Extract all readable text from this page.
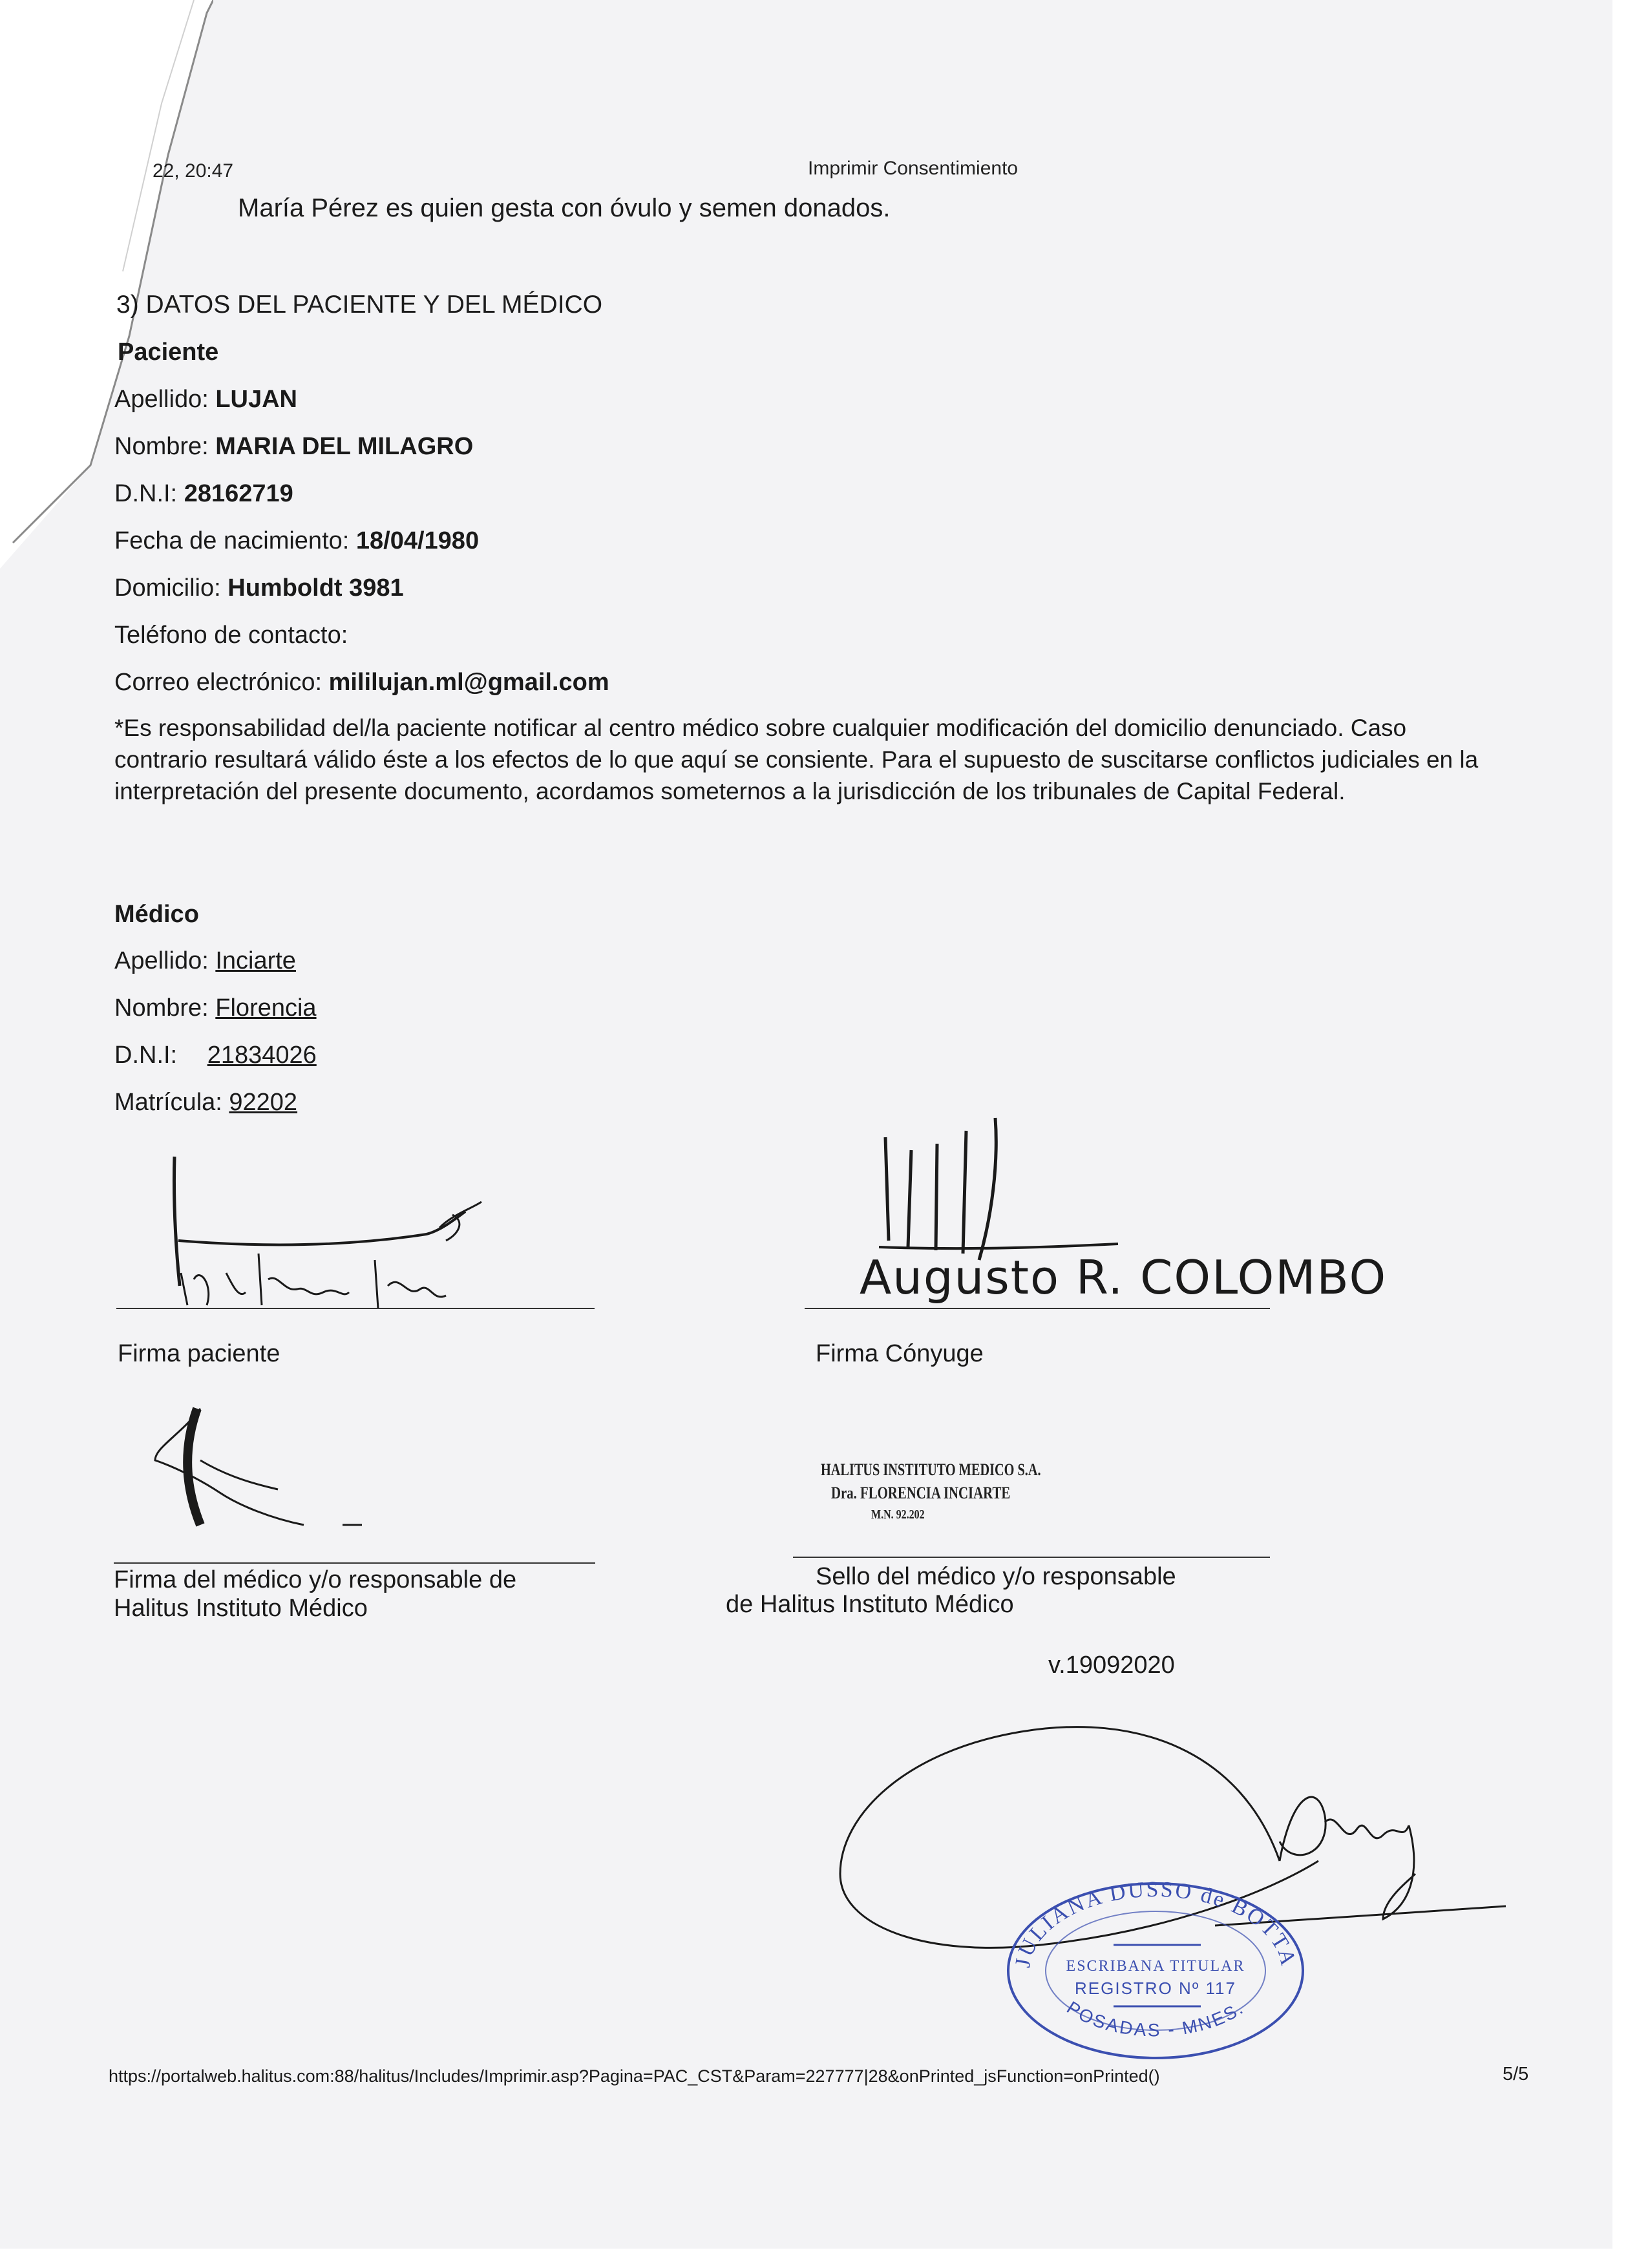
22, 20:47	Imprimir Consentimiento
María Pérez es quien gesta con óvulo y semen donados.
3) DATOS DEL PACIENTE Y DEL MÉDICO
Paciente
Apellido: LUJAN
Nombre: MARIA DEL MILAGRO
D.N.I: 28162719
Fecha de nacimiento: 18/04/1980
Domicilio: Humboldt 3981
Teléfono de contacto:
Correo electrónico: mililujan.ml@gmail.com
*Es responsabilidad del/la paciente notificar al centro médico sobre cualquier modificación del domicilio denunciado. Caso contrario resultará válido éste a los efectos de lo que aquí se consiente. Para el supuesto de suscitarse conflictos judiciales en la interpretación del presente documento, acordamos someternos a la jurisdicción de los tribunales de Capital Federal.
Médico
Apellido: Inciarte
Nombre: Florencia
D.N.I: 21834026
Matrícula: 92202
Firma paciente
Augusto R. COLOMBO
Firma Cónyuge
Firma del médico y/o responsable de
Halitus Instituto Médico
HALITUS INSTITUTO MEDICO S.A.
Dra. FLORENCIA INCIARTE
M.N. 92.202
Sello del médico y/o responsable
de Halitus Instituto Médico
v.19092020
JULIANA DUSSO de BOTTA
ESCRIBANA TITULAR
REGISTRO Nº 117
POSADAS - MNES.
https://portalweb.halitus.com:88/halitus/Includes/Imprimir.asp?Pagina=PAC_CST&Param=227777|28&onPrinted_jsFunction=onPrinted()	5/5
